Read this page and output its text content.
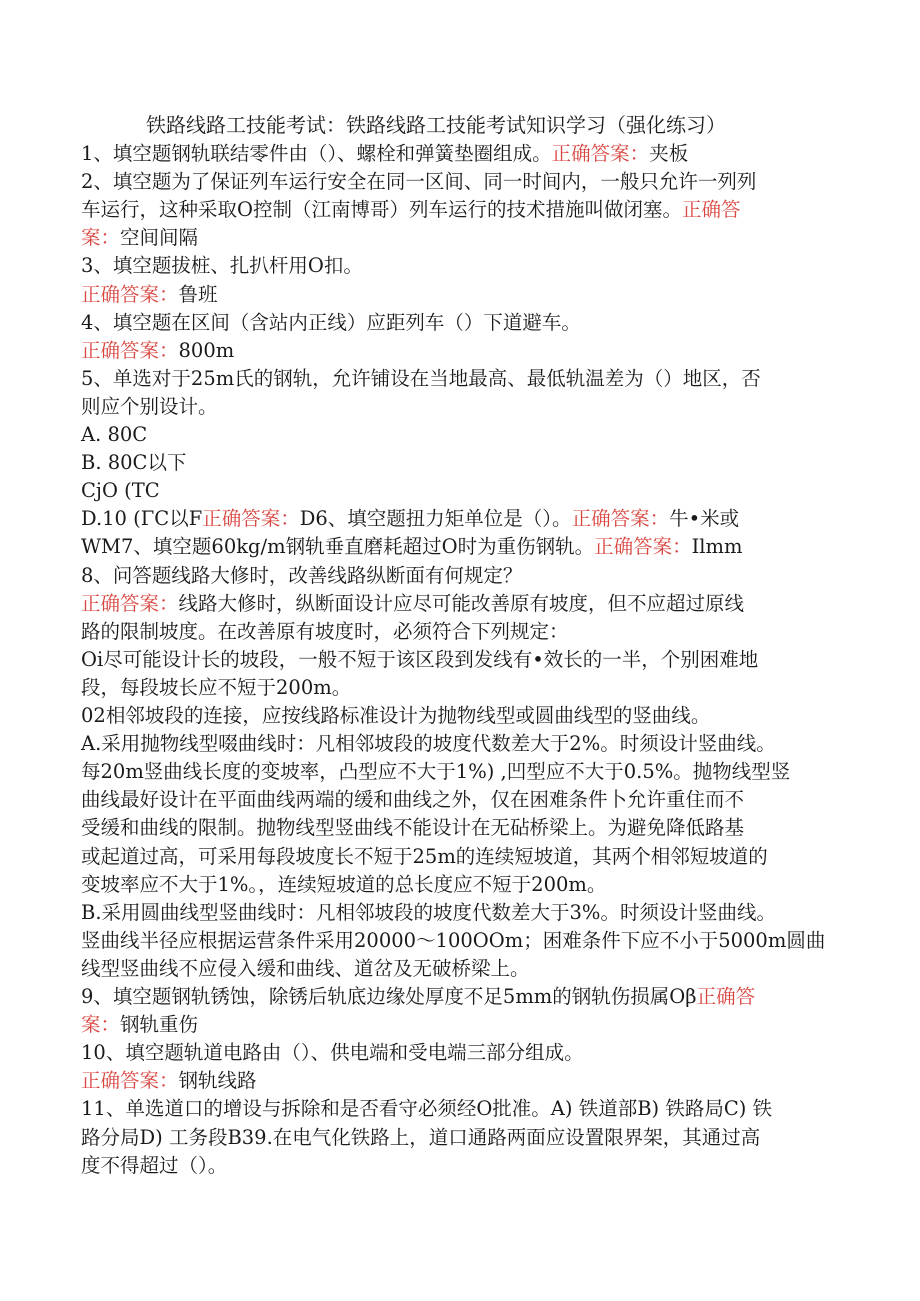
铁路线路工技能考试：铁路线路工技能考试知识学习（强化练习）
1、填空题钢轨联结零件由（）、螺栓和弹簧垫圈组成。正确答案：夹板
2、填空题为了保证列车运行安全在同一区间、同一时间内，一般只允许一列列
车运行，这种采取O控制（江南博哥）列车运行的技术措施叫做闭塞。正确答
案：空间间隔
3、填空题拔桩、扎扒杆用O扣。
正确答案：鲁班
4、填空题在区间（含站内正线）应距列车（）下道避车。
正确答案：800m
5、单选对于25m氏的钢轨，允许铺设在当地最高、最低轨温差为（）地区，否
则应个别设计。
A. 80C
B. 80C以下
CjO (TC
D.10 (ΓC以F正确答案：D6、填空题扭力矩单位是（）。正确答案：牛•米或
WM7、填空题60kg∕m钢轨垂直磨耗超过O时为重伤钢轨。正确答案：Ilmm
8、问答题线路大修时，改善线路纵断面有何规定？
正确答案：线路大修时，纵断面设计应尽可能改善原有坡度，但不应超过原线
路的限制坡度。在改善原有坡度时，必须符合下列规定：
Oi尽可能设计长的坡段，一般不短于该区段到发线有•效长的一半，个别困难地
段，每段坡长应不短于200m。
02相邻坡段的连接，应按线路标准设计为抛物线型或圆曲线型的竖曲线。
A.采用抛物线型啜曲线时：凡相邻坡段的坡度代数差大于2%。时须设计竖曲线。
每20m竖曲线长度的变坡率，凸型应不大于1%) ,凹型应不大于0.5%。抛物线型竖
曲线最好设计在平面曲线两端的缓和曲线之外，仅在困难条件卜允许重住而不
受缓和曲线的限制。抛物线型竖曲线不能设计在无砧桥梁上。为避免降低路基
或起道过高，可采用每段坡度长不短于25m的连续短坡道，其两个相邻短坡道的
变坡率应不大于1%。，连续短坡道的总长度应不短于200m。
B.采用圆曲线型竖曲线时：凡相邻坡段的坡度代数差大于3%。时须设计竖曲线。
竖曲线半径应根据运营条件采用20000〜100OOm；困难条件下应不小于5000m圆曲
线型竖曲线不应侵入缓和曲线、道岔及无破桥梁上。
9、填空题钢轨锈蚀，除锈后轨底边缘处厚度不足5mm的钢轨伤损属Oβ正确答
案：钢轨重伤
10、填空题轨道电路由（）、供电端和受电端三部分组成。
正确答案：钢轨线路
11、单选道口的增设与拆除和是否看守必须经O批准。A) 铁道部B) 铁路局C) 铁
路分局D) 工务段B39.在电气化铁路上，道口通路两面应设置限界架，其通过高
度不得超过（）。
